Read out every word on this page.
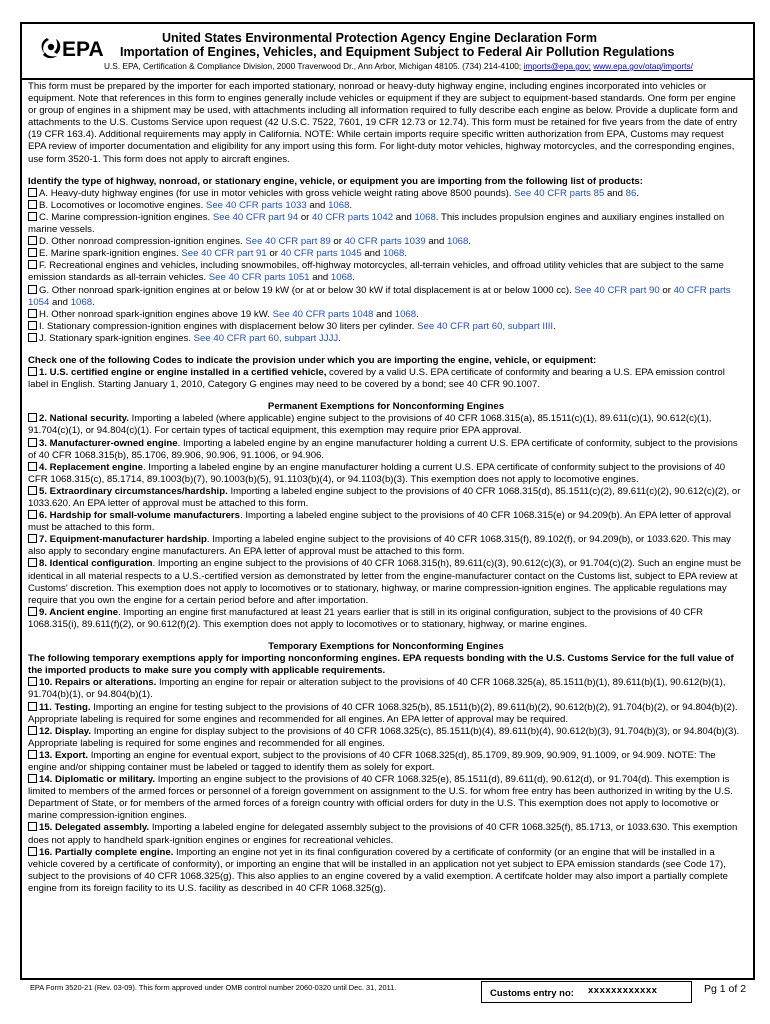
EPA	United States Environmental Protection Agency Engine Declaration Form
Importation of Engines, Vehicles, and Equipment Subject to Federal Air Pollution Regulations
U.S. EPA, Certification & Compliance Division, 2000 Traverwood Dr., Ann Arbor, Michigan 48105. (734) 214-4100; imports@epa.gov; www.epa.gov/otaq/imports/

This form must be prepared by the importer for each imported stationary, nonroad or heavy-duty highway engine, including engines incorporated into vehicles or equipment. Note that references in this form to engines generally include vehicles or equipment if they are subject to equipment-based standards. One form per engine or group of engines in a shipment may be used, with attachments including all information required to fully describe each engine as below. Provide a duplicate form and attachments to the U.S. Customs Service upon request (42 U.S.C. 7522, 7601, 19 CFR 12.73 or 12.74). This form must be retained for five years from the date of entry (19 CFR 163.4). Additional requirements may apply in California. NOTE: While certain imports require specific written authorization from EPA, Customs may request EPA review of importer documentation and eligibility for any import using this form. For light-duty motor vehicles, highway motorcycles, and the corresponding engines, use form 3520-1. This form does not apply to aircraft engines.

Identify the type of highway, nonroad, or stationary engine, vehicle, or equipment you are importing from the following list of products:

A. Heavy-duty highway engines (for use in motor vehicles with gross vehicle weight rating above 8500 pounds). See 40 CFR parts 85 and 86.

B. Locomotives or locomotive engines. See 40 CFR parts 1033 and 1068.

C. Marine compression-ignition engines. See 40 CFR part 94 or 40 CFR parts 1042 and 1068. This includes propulsion engines and auxiliary engines installed on marine vessels.

D. Other nonroad compression-ignition engines. See 40 CFR part 89 or 40 CFR parts 1039 and 1068.

E. Marine spark-ignition engines. See 40 CFR part 91 or 40 CFR parts 1045 and 1068.

F. Recreational engines and vehicles, including snowmobiles, off-highway motorcycles, all-terrain vehicles, and offroad utility vehicles that are subject to the same emission standards as all-terrain vehicles. See 40 CFR parts 1051 and 1068.

G. Other nonroad spark-ignition engines at or below 19 kW (or at or below 30 kW if total displacement is at or below 1000 cc). See 40 CFR part 90 or 40 CFR parts 1054 and 1068.

H. Other nonroad spark-ignition engines above 19 kW. See 40 CFR parts 1048 and 1068.

I. Stationary compression-ignition engines with displacement below 30 liters per cylinder. See 40 CFR part 60, subpart IIII.

J. Stationary spark-ignition engines. See 40 CFR part 60, subpart JJJJ.

Check one of the following Codes to indicate the provision under which you are importing the engine, vehicle, or equipment:

1. U.S. certified engine or engine installed in a certified vehicle, covered by a valid U.S. EPA certificate of conformity and bearing a U.S. EPA emission control label in English. Starting January 1, 2010, Category G engines may need to be covered by a bond; see 40 CFR 90.1007.

Permanent Exemptions for Nonconforming Engines

2. National security. Importing a labeled (where applicable) engine subject to the provisions of 40 CFR 1068.315(a), 85.1511(c)(1), 89.611(c)(1), 90.612(c)(1), 91.704(c)(1), or 94.804(c)(1). For certain types of tactical equipment, this exemption may require prior EPA approval.

3. Manufacturer-owned engine. Importing a labeled engine by an engine manufacturer holding a current U.S. EPA certificate of conformity, subject to the provisions of 40 CFR 1068.315(b), 85.1706, 89.906, 90.906, 91.1006, or 94.906.

4. Replacement engine. Importing a labeled engine by an engine manufacturer holding a current U.S. EPA certificate of conformity subject to the provisions of 40 CFR 1068.315(c), 85.1714, 89.1003(b)(7), 90.1003(b)(5), 91.1103(b)(4), or 94.1103(b)(3). This exemption does not apply to locomotive engines.

5. Extraordinary circumstances/hardship. Importing a labeled engine subject to the provisions of 40 CFR 1068.315(d), 85.1511(c)(2), 89.611(c)(2), 90.612(c)(2), or 1033.620. An EPA letter of approval must be attached to this form.

6. Hardship for small-volume manufacturers. Importing a labeled engine subject to the provisions of 40 CFR 1068.315(e) or 94.209(b). An EPA letter of approval must be attached to this form.

7. Equipment-manufacturer hardship. Importing a labeled engine subject to the provisions of 40 CFR 1068.315(f), 89.102(f), or 94.209(b), or 1033.620. This may also apply to secondary engine manufacturers. An EPA letter of approval must be attached to this form.

8. Identical configuration. Importing an engine subject to the provisions of 40 CFR 1068.315(h), 89.611(c)(3), 90.612(c)(3), or 91.704(c)(2). Such an engine must be identical in all material respects to a U.S.-certified version as demonstrated by letter from the engine-manufacturer contact on the Customs list, subject to EPA review at Customs' discretion. This exemption does not apply to locomotives or to stationary, highway, or marine compression-ignition engines. The applicable regulations may require that you own the engine for a certain period before and after importation.

9. Ancient engine. Importing an engine first manufactured at least 21 years earlier that is still in its original configuration, subject to the provisions of 40 CFR 1068.315(i), 89.611(f)(2), or 90.612(f)(2). This exemption does not apply to locomotives or to stationary, highway, or marine engines.

Temporary Exemptions for Nonconforming Engines

The following temporary exemptions apply for importing nonconforming engines. EPA requests bonding with the U.S. Customs Service for the full value of the imported products to make sure you comply with applicable requirements.

10. Repairs or alterations. Importing an engine for repair or alteration subject to the provisions of 40 CFR 1068.325(a), 85.1511(b)(1), 89.611(b)(1), 90.612(b)(1), 91.704(b)(1), or 94.804(b)(1).

11. Testing. Importing an engine for testing subject to the provisions of 40 CFR 1068.325(b), 85.1511(b)(2), 89.611(b)(2), 90.612(b)(2), 91.704(b)(2), or 94.804(b)(2). Appropriate labeling is required for some engines and recommended for all engines. An EPA letter of approval may be required.

12. Display. Importing an engine for display subject to the provisions of 40 CFR 1068.325(c), 85.1511(b)(4), 89.611(b)(4), 90.612(b)(3), 91.704(b)(3), or 94.804(b)(3). Appropriate labeling is required for some engines and recommended for all engines.

13. Export. Importing an engine for eventual export, subject to the provisions of 40 CFR 1068.325(d), 85.1709, 89.909, 90.909, 91.1009, or 94.909. NOTE: The engine and/or shipping container must be labeled or tagged to identify them as solely for export.

14. Diplomatic or military. Importing an engine subject to the provisions of 40 CFR 1068.325(e), 85.1511(d), 89.611(d), 90.612(d), or 91.704(d). This exemption is limited to members of the armed forces or personnel of a foreign government on assignment to the U.S. for whom free entry has been authorized in writing by the U.S. Department of State, or for members of the armed forces of a foreign country with official orders for duty in the U.S. This exemption does not apply to locomotive or marine compression-ignition engines.

15. Delegated assembly. Importing a labeled engine for delegated assembly subject to the provisions of 40 CFR 1068.325(f), 85.1713, or 1033.630. This exemption does not apply to handheld spark-ignition engines or engines for recreational vehicles.

16. Partially complete engine. Importing an engine not yet in its final configuration covered by a certificate of conformity (or an engine that will be installed in a vehicle covered by a certificate of conformity), or importing an engine that will be installed in an application not yet subject to EPA emission standards (see Code 17), subject to the provisions of 40 CFR 1068.325(g). This also applies to an engine covered by a valid exemption. A certifcate holder may also import a partially complete engine from its foreign facility to its U.S. facility as described in 40 CFR 1068.325(g).

EPA Form 3520-21 (Rev. 03-09). This form approved under OMB control number 2060-0320 until Dec. 31, 2011.
Customs entry no: xxxxxxxxxxxx	Pg 1 of 2
